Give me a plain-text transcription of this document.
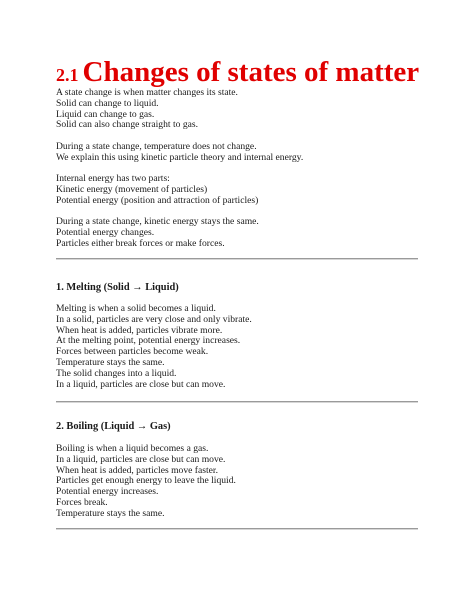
2.1 Changes of states of matter
A state change is when matter changes its state.
Solid can change to liquid.
Liquid can change to gas.
Solid can also change straight to gas.
During a state change, temperature does not change.
We explain this using kinetic particle theory and internal energy.
Internal energy has two parts:
Kinetic energy (movement of particles)
Potential energy (position and attraction of particles)
During a state change, kinetic energy stays the same.
Potential energy changes.
Particles either break forces or make forces.
1. Melting (Solid → Liquid)
Melting is when a solid becomes a liquid.
In a solid, particles are very close and only vibrate.
When heat is added, particles vibrate more.
At the melting point, potential energy increases.
Forces between particles become weak.
Temperature stays the same.
The solid changes into a liquid.
In a liquid, particles are close but can move.
2. Boiling (Liquid → Gas)
Boiling is when a liquid becomes a gas.
In a liquid, particles are close but can move.
When heat is added, particles move faster.
Particles get enough energy to leave the liquid.
Potential energy increases.
Forces break.
Temperature stays the same.
